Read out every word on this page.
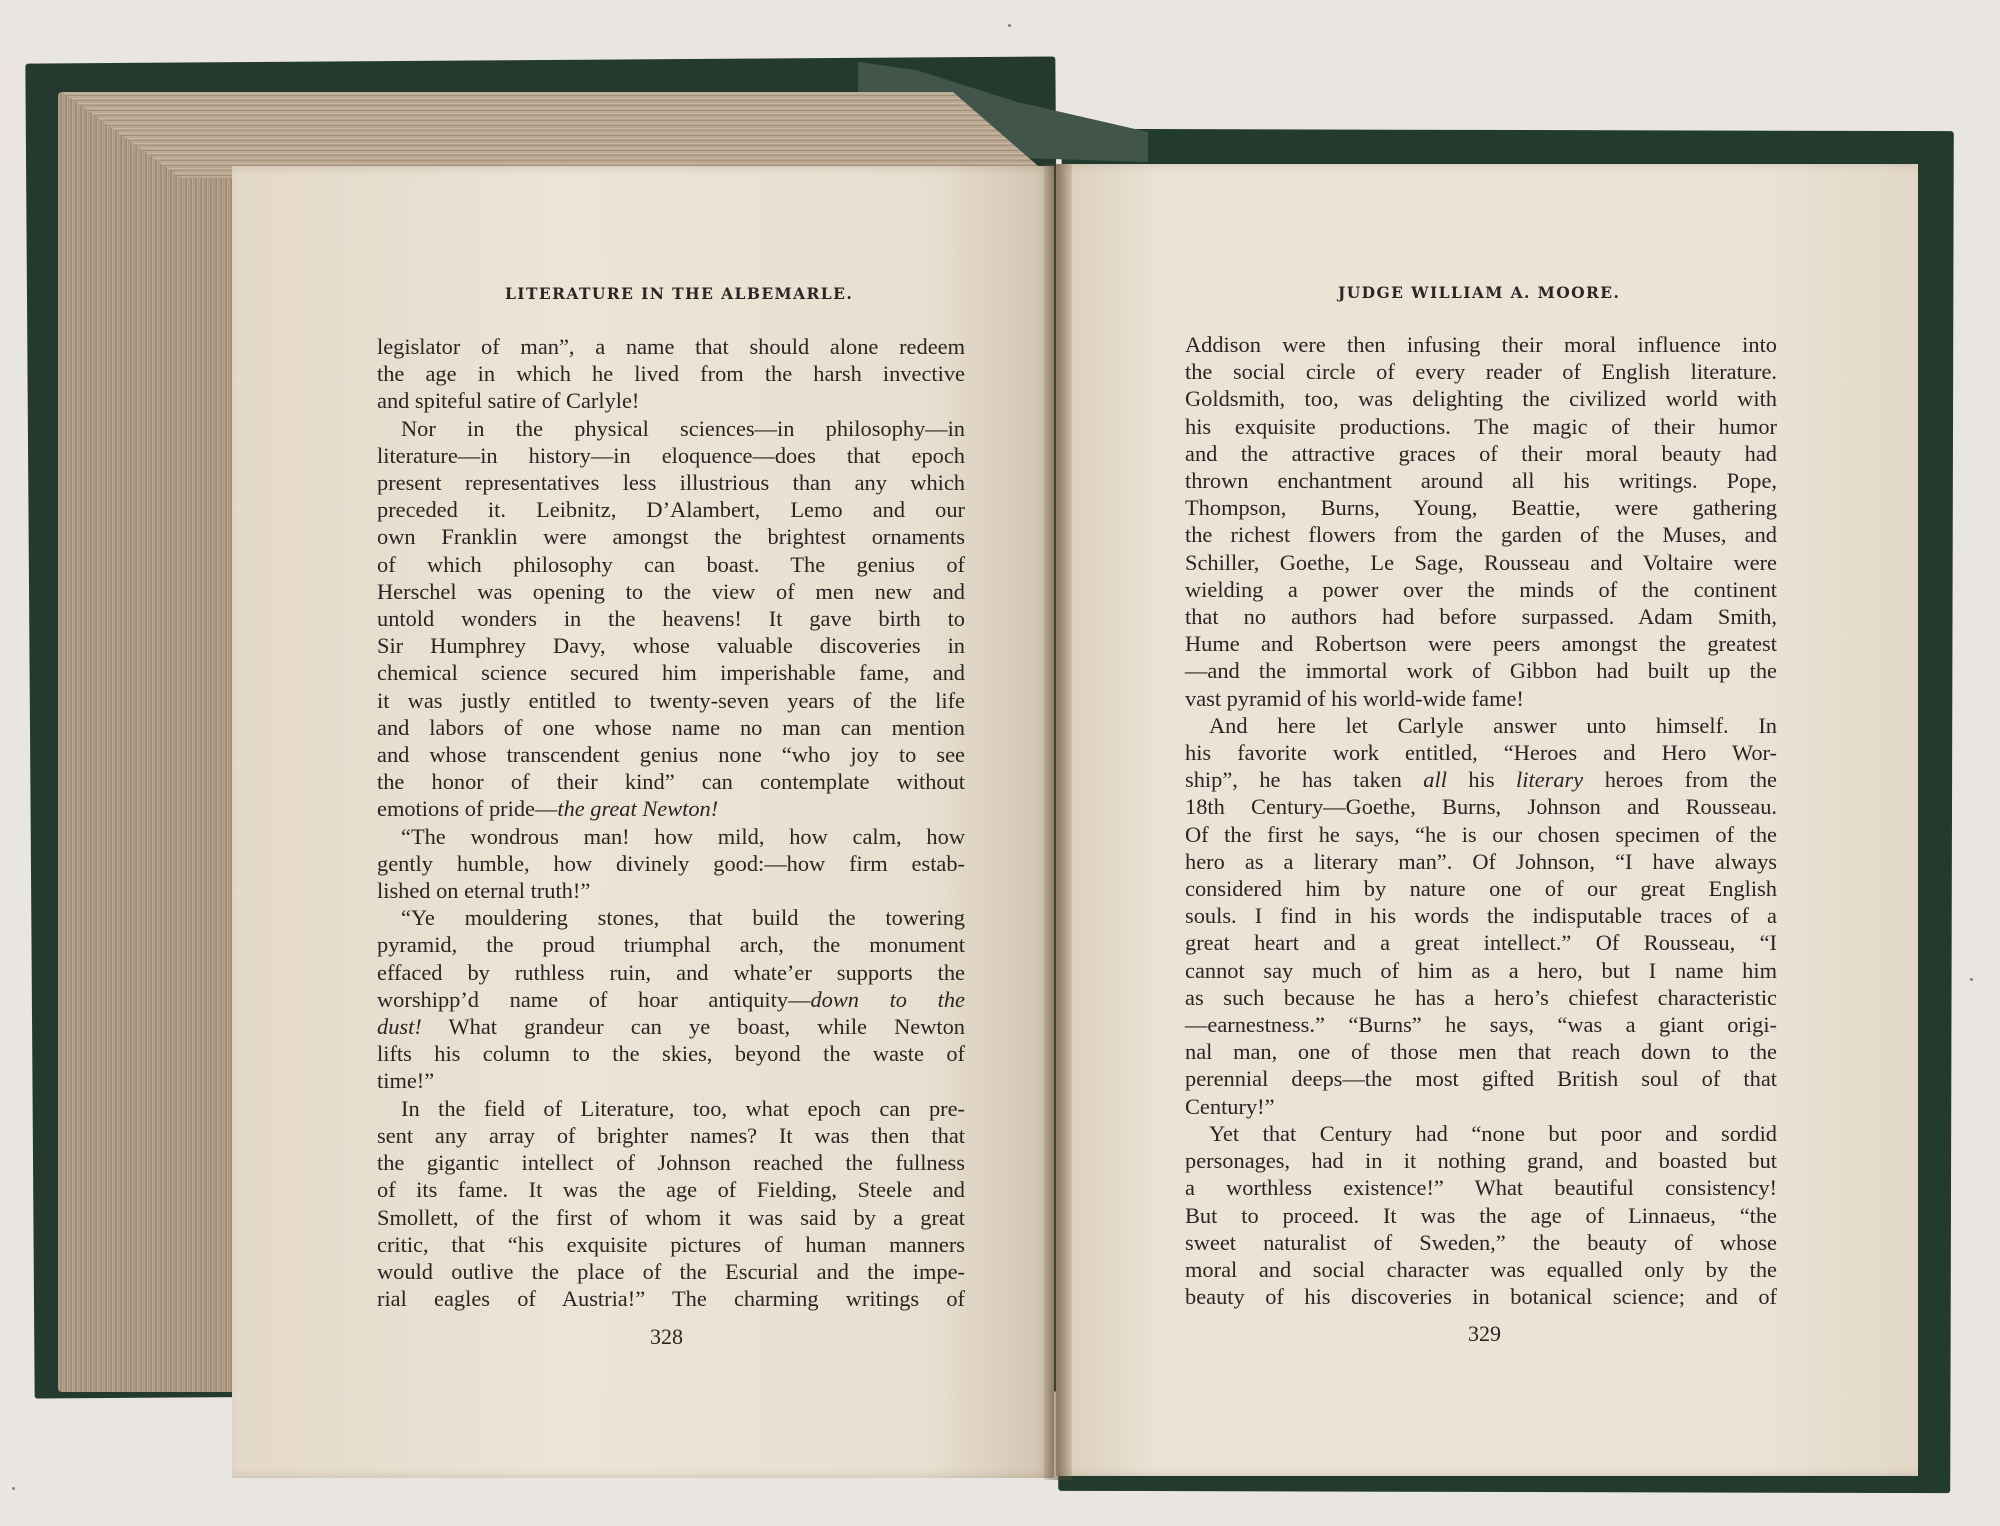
LITERATURE IN THE ALBEMARLE.
legislator of man”, a name that should alone redeem
the age in which he lived from the harsh invective
and spiteful satire of Carlyle!
Nor in the physical sciences—in philosophy—in
literature—in history—in eloquence—does that epoch
present representatives less illustrious than any which
preceded it. Leibnitz, D’Alambert, Lemo and our
own Franklin were amongst the brightest ornaments
of which philosophy can boast. The genius of
Herschel was opening to the view of men new and
untold wonders in the heavens! It gave birth to
Sir Humphrey Davy, whose valuable discoveries in
chemical science secured him imperishable fame, and
it was justly entitled to twenty-seven years of the life
and labors of one whose name no man can mention
and whose transcendent genius none “who joy to see
the honor of their kind” can contemplate without
emotions of pride—the great Newton!
“The wondrous man! how mild, how calm, how
gently humble, how divinely good:—how firm estab-
lished on eternal truth!”
“Ye mouldering stones, that build the towering
pyramid, the proud triumphal arch, the monument
effaced by ruthless ruin, and whate’er supports the
worshipp’d name of hoar antiquity—down to the
dust! What grandeur can ye boast, while Newton
lifts his column to the skies, beyond the waste of
time!”
In the field of Literature, too, what epoch can pre-
sent any array of brighter names? It was then that
the gigantic intellect of Johnson reached the fullness
of its fame. It was the age of Fielding, Steele and
Smollett, of the first of whom it was said by a great
critic, that “his exquisite pictures of human manners
would outlive the place of the Escurial and the impe-
rial eagles of Austria!” The charming writings of
328
JUDGE WILLIAM A. MOORE.
Addison were then infusing their moral influence into
the social circle of every reader of English literature.
Goldsmith, too, was delighting the civilized world with
his exquisite productions. The magic of their humor
and the attractive graces of their moral beauty had
thrown enchantment around all his writings. Pope,
Thompson, Burns, Young, Beattie, were gathering
the richest flowers from the garden of the Muses, and
Schiller, Goethe, Le Sage, Rousseau and Voltaire were
wielding a power over the minds of the continent
that no authors had before surpassed. Adam Smith,
Hume and Robertson were peers amongst the greatest
—and the immortal work of Gibbon had built up the
vast pyramid of his world-wide fame!
And here let Carlyle answer unto himself. In
his favorite work entitled, “Heroes and Hero Wor-
ship”, he has taken all his literary heroes from the
18th Century—Goethe, Burns, Johnson and Rousseau.
Of the first he says, “he is our chosen specimen of the
hero as a literary man”. Of Johnson, “I have always
considered him by nature one of our great English
souls. I find in his words the indisputable traces of a
great heart and a great intellect.” Of Rousseau, “I
cannot say much of him as a hero, but I name him
as such because he has a hero’s chiefest characteristic
—earnestness.” “Burns” he says, “was a giant origi-
nal man, one of those men that reach down to the
perennial deeps—the most gifted British soul of that
Century!”
Yet that Century had “none but poor and sordid
personages, had in it nothing grand, and boasted but
a worthless existence!” What beautiful consistency!
But to proceed. It was the age of Linnaeus, “the
sweet naturalist of Sweden,” the beauty of whose
moral and social character was equalled only by the
beauty of his discoveries in botanical science; and of
329
